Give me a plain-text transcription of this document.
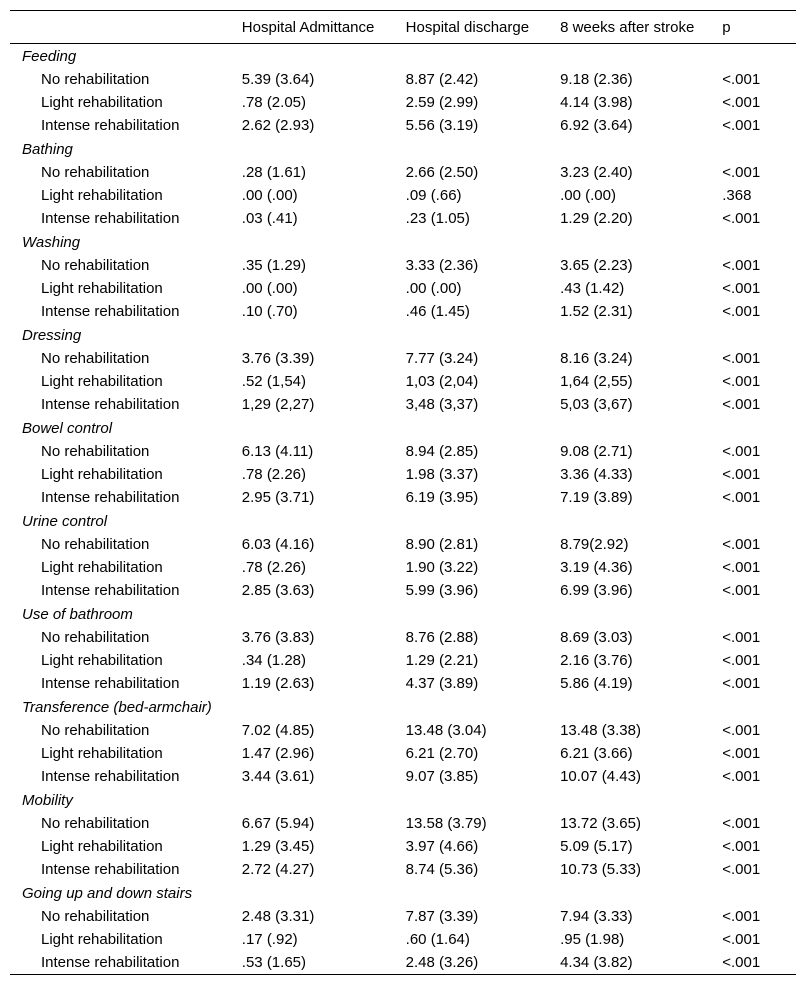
	Hospital Admittance	Hospital discharge	8 weeks after stroke	p
Feeding				
No rehabilitation	5.39 (3.64)	8.87 (2.42)	9.18 (2.36)	<.001
Light rehabilitation	.78 (2.05)	2.59 (2.99)	4.14 (3.98)	<.001
Intense rehabilitation	2.62 (2.93)	5.56 (3.19)	6.92 (3.64)	<.001
Bathing				
No rehabilitation	.28 (1.61)	2.66 (2.50)	3.23 (2.40)	<.001
Light rehabilitation	.00 (.00)	.09 (.66)	.00 (.00)	.368
Intense rehabilitation	.03 (.41)	.23 (1.05)	1.29 (2.20)	<.001
Washing				
No rehabilitation	.35 (1.29)	3.33 (2.36)	3.65 (2.23)	<.001
Light rehabilitation	.00 (.00)	.00 (.00)	.43 (1.42)	<.001
Intense rehabilitation	.10 (.70)	.46 (1.45)	1.52 (2.31)	<.001
Dressing				
No rehabilitation	3.76 (3.39)	7.77 (3.24)	8.16 (3.24)	<.001
Light rehabilitation	.52 (1,54)	1,03 (2,04)	1,64 (2,55)	<.001
Intense rehabilitation	1,29 (2,27)	3,48 (3,37)	5,03 (3,67)	<.001
Bowel control				
No rehabilitation	6.13 (4.11)	8.94 (2.85)	9.08 (2.71)	<.001
Light rehabilitation	.78 (2.26)	1.98 (3.37)	3.36 (4.33)	<.001
Intense rehabilitation	2.95 (3.71)	6.19 (3.95)	7.19 (3.89)	<.001
Urine control				
No rehabilitation	6.03 (4.16)	8.90 (2.81)	8.79(2.92)	<.001
Light rehabilitation	.78 (2.26)	1.90 (3.22)	3.19 (4.36)	<.001
Intense rehabilitation	2.85 (3.63)	5.99 (3.96)	6.99 (3.96)	<.001
Use of bathroom				
No rehabilitation	3.76 (3.83)	8.76 (2.88)	8.69 (3.03)	<.001
Light rehabilitation	.34 (1.28)	1.29 (2.21)	2.16 (3.76)	<.001
Intense rehabilitation	1.19 (2.63)	4.37 (3.89)	5.86 (4.19)	<.001
Transference (bed-armchair)				
No rehabilitation	7.02 (4.85)	13.48 (3.04)	13.48 (3.38)	<.001
Light rehabilitation	1.47 (2.96)	6.21 (2.70)	6.21 (3.66)	<.001
Intense rehabilitation	3.44 (3.61)	9.07 (3.85)	10.07 (4.43)	<.001
Mobility				
No rehabilitation	6.67 (5.94)	13.58 (3.79)	13.72 (3.65)	<.001
Light rehabilitation	1.29 (3.45)	3.97 (4.66)	5.09 (5.17)	<.001
Intense rehabilitation	2.72 (4.27)	8.74 (5.36)	10.73 (5.33)	<.001
Going up and down stairs				
No rehabilitation	2.48 (3.31)	7.87 (3.39)	7.94 (3.33)	<.001
Light rehabilitation	.17 (.92)	.60 (1.64)	.95 (1.98)	<.001
Intense rehabilitation	.53 (1.65)	2.48 (3.26)	4.34 (3.82)	<.001
